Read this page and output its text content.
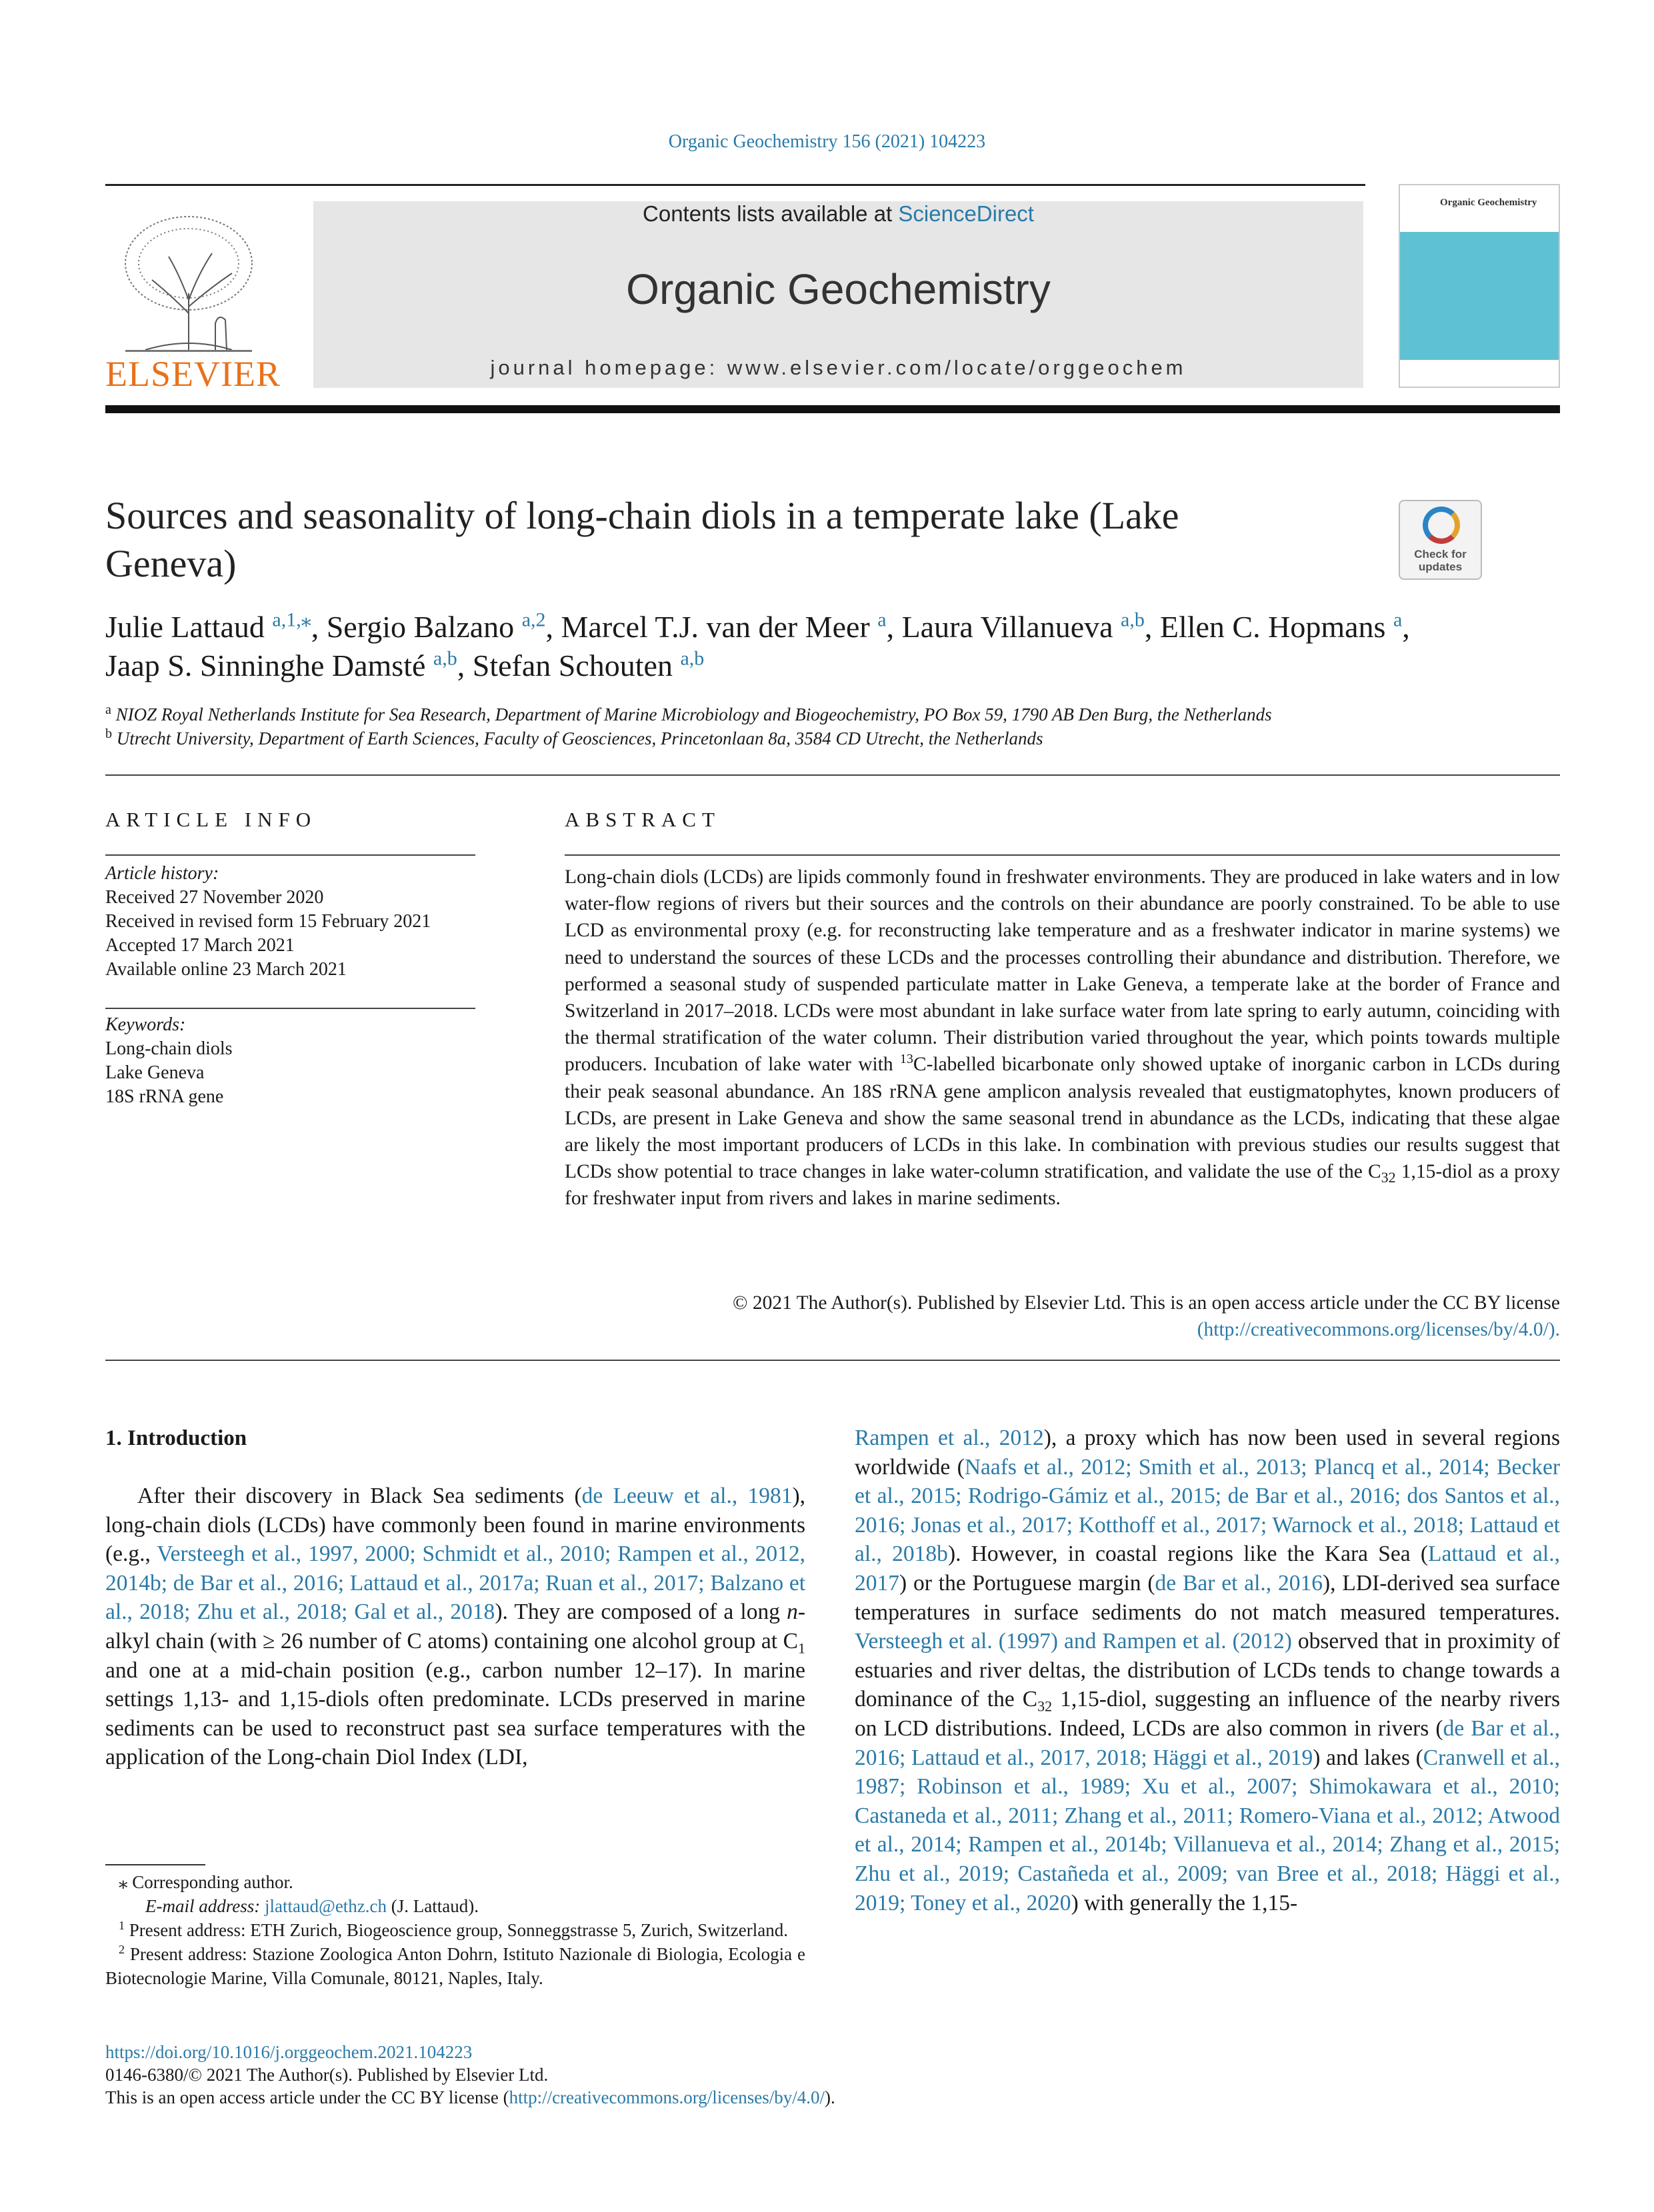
Organic Geochemistry 156 (2021) 104223
ELSEVIER
Contents lists available at ScienceDirect
Organic Geochemistry
journal homepage: www.elsevier.com/locate/orggeochem
Organic Geochemistry
Sources and seasonality of long-chain diols in a temperate lake (Lake Geneva)	Check for updates
Julie Lattaud $^{a,1,⁎}$, Sergio Balzano $^{a,2}$, Marcel T.J. van der Meer $^a$, Laura Villanueva $^{a,b}$, Ellen C. Hopmans $^a$,
Jaap S. Sinninghe Damsté $^{a,b}$, Stefan Schouten $^{a,b}$
$^a$ NIOZ Royal Netherlands Institute for Sea Research, Department of Marine Microbiology and Biogeochemistry, PO Box 59, 1790 AB Den Burg, the Netherlands
$^b$ Utrecht University, Department of Earth Sciences, Faculty of Geosciences, Princetonlaan 8a, 3584 CD Utrecht, the Netherlands
ARTICLE INFO
Article history:
Received 27 November 2020
Received in revised form 15 February 2021
Accepted 17 March 2021
Available online 23 March 2021
Keywords:
Long-chain diols
Lake Geneva
18S rRNA gene
ABSTRACT
Long-chain diols (LCDs) are lipids commonly found in freshwater environments. They are produced in lake waters and in low water-flow regions of rivers but their sources and the controls on their abundance are poorly constrained. To be able to use LCD as environmental proxy (e.g. for reconstructing lake temperature and as a freshwater indicator in marine systems) we need to understand the sources of these LCDs and the processes controlling their abundance and distribution. Therefore, we performed a seasonal study of suspended particulate matter in Lake Geneva, a temperate lake at the border of France and Switzerland in 2017–2018. LCDs were most abundant in lake surface water from late spring to early autumn, coinciding with the thermal stratification of the water column. Their distribution varied throughout the year, which points towards multiple producers. Incubation of lake water with $^{13}$C-labelled bicarbonate only showed uptake of inorganic carbon in LCDs during their peak seasonal abundance. An 18S rRNA gene amplicon analysis revealed that eustigmatophytes, known producers of LCDs, are present in Lake Geneva and show the same seasonal trend in abundance as the LCDs, indicating that these algae are likely the most important producers of LCDs in this lake. In combination with previous studies our results suggest that LCDs show potential to trace changes in lake water-column stratification, and validate the use of the $C_{32}$ 1,15-diol as a proxy for freshwater input from rivers and lakes in marine sediments.
© 2021 The Author(s). Published by Elsevier Ltd. This is an open access article under the CC BY license
(http://creativecommons.org/licenses/by/4.0/).
1. Introduction
After their discovery in Black Sea sediments (de Leeuw et al., 1981), long-chain diols (LCDs) have commonly been found in marine environments (e.g., Versteegh et al., 1997, 2000; Schmidt et al., 2010; Rampen et al., 2012, 2014b; de Bar et al., 2016; Lattaud et al., 2017a; Ruan et al., 2017; Balzano et al., 2018; Zhu et al., 2018; Gal et al., 2018). They are composed of a long n-alkyl chain (with ≥ 26 number of C atoms) containing one alcohol group at $C_1$ and one at a mid-chain position (e.g., carbon number 12–17). In marine settings 1,13- and 1,15-diols often predominate. LCDs preserved in marine sediments can be used to reconstruct past sea surface temperatures with the application of the Long-chain Diol Index (LDI,
Rampen et al., 2012), a proxy which has now been used in several regions worldwide (Naafs et al., 2012; Smith et al., 2013; Plancq et al., 2014; Becker et al., 2015; Rodrigo-Gámiz et al., 2015; de Bar et al., 2016; dos Santos et al., 2016; Jonas et al., 2017; Kotthoff et al., 2017; Warnock et al., 2018; Lattaud et al., 2018b). However, in coastal regions like the Kara Sea (Lattaud et al., 2017) or the Portuguese margin (de Bar et al., 2016), LDI-derived sea surface temperatures in surface sediments do not match measured temperatures. Versteegh et al. (1997) and Rampen et al. (2012) observed that in proximity of estuaries and river deltas, the distribution of LCDs tends to change towards a dominance of the $C_{32}$ 1,15-diol, suggesting an influence of the nearby rivers on LCD distributions. Indeed, LCDs are also common in rivers (de Bar et al., 2016; Lattaud et al., 2017, 2018; Häggi et al., 2019) and lakes (Cranwell et al., 1987; Robinson et al., 1989; Xu et al., 2007; Shimokawara et al., 2010; Castaneda et al., 2011; Zhang et al., 2011; Romero-Viana et al., 2012; Atwood et al., 2014; Rampen et al., 2014b; Villanueva et al., 2014; Zhang et al., 2015; Zhu et al., 2019; Castañeda et al., 2009; van Bree et al., 2018; Häggi et al., 2019; Toney et al., 2020) with generally the 1,15-
⁎ Corresponding author.
E-mail address: jlattaud@ethz.ch (J. Lattaud).
$^1$ Present address: ETH Zurich, Biogeoscience group, Sonneggstrasse 5, Zurich, Switzerland.
$^2$ Present address: Stazione Zoologica Anton Dohrn, Istituto Nazionale di Biologia, Ecologia e Biotecnologie Marine, Villa Comunale, 80121, Naples, Italy.
https://doi.org/10.1016/j.orggeochem.2021.104223
0146-6380/© 2021 The Author(s). Published by Elsevier Ltd.
This is an open access article under the CC BY license (http://creativecommons.org/licenses/by/4.0/).
